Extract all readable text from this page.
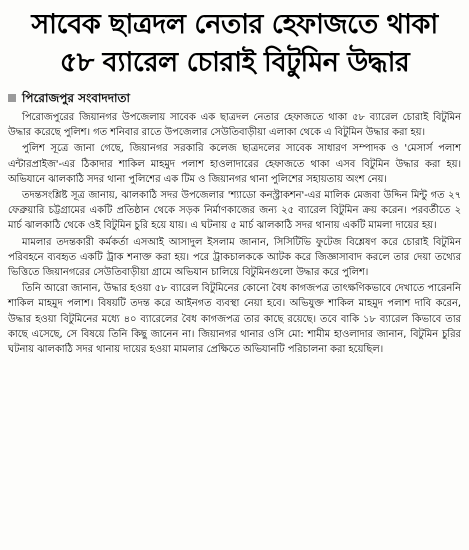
সাবেক ছাত্রদল নেতার হেফাজতে থাকা
৫৮ ব্যারেল চোরাই বিটুমিন উদ্ধার
পিরোজপুর সংবাদদাতা

পিরোজপুরের জিয়ানগর উপজেলায় সাবেক এক ছাত্রদল নেতার হেফাজতে থাকা ৫৮ ব্যারেল চোরাই বিটুমিন উদ্ধার করেছে পুলিশ। গত শনিবার রাতে উপজেলার সেউতিবাড়ীয়া এলাকা থেকে এ বিটুমিন উদ্ধার করা হয়।

পুলিশ সূত্রে জানা গেছে, জিয়ানগর সরকারি কলেজ ছাত্রদলের সাবেক সাধারণ সম্পাদক ও 'মেসার্স পলাশ এন্টারপ্রাইজ'-এর ঠিকাদার শাকিল মাহমুদ পলাশ হাওলাদারের হেফাজতে থাকা এসব বিটুমিন উদ্ধার করা হয়। অভিযানে ঝালকাঠি সদর থানা পুলিশের এক টিম ও জিয়ানগর থানা পুলিশের সহায়তায় অংশ নেয়।

তদন্তসংশ্লিষ্ট সূত্র জানায়, ঝালকাঠি সদর উপজেলার 'শ্যাডো কনস্ট্রাকশন'-এর মালিক মেজবা উদ্দিন মিন্টু গত ২৭ ফেব্রুয়ারি চট্টগ্রামের একটি প্রতিষ্ঠান থেকে সড়ক নির্মাণকাজের জন্য ২৫ ব্যারেল বিটুমিন ক্রয় করেন। পরবর্তীতে ২ মার্চ ঝালকাঠি থেকে ওই বিটুমিন চুরি হয়ে যায়। এ ঘটনায় ৫ মার্চ ঝালকাঠি সদর থানায় একটি মামলা দায়ের হয়।

মামলার তদন্তকারী কর্মকর্তা এসআই আসাদুল ইসলাম জানান, সিসিটিভি ফুটেজ বিশ্লেষণ করে চোরাই বিটুমিন পরিবহনে ব্যবহৃত একটি ট্রাক শনাক্ত করা হয়। পরে ট্রাকচালককে আটক করে জিজ্ঞাসাবাদ করলে তার দেয়া তথ্যের ভিত্তিতে জিয়ানগরের সেউতিবাড়ীয়া গ্রামে অভিযান চালিয়ে বিটুমিনগুলো উদ্ধার করে পুলিশ।

তিনি আরো জানান, উদ্ধার হওয়া ৫৮ ব্যারেল বিটুমিনের কোনো বৈধ কাগজপত্র তাৎক্ষণিকভাবে দেখাতে পারেননি শাকিল মাহমুদ পলাশ। বিষয়টি তদন্ত করে আইনগত ব্যবস্থা নেয়া হবে। অভিযুক্ত শাকিল মাহমুদ পলাশ দাবি করেন, উদ্ধার হওয়া বিটুমিনের মধ্যে ৪০ ব্যারেলের বৈধ কাগজপত্র তার কাছে রয়েছে। তবে বাকি ১৮ ব্যারেল কিভাবে তার কাছে এসেছে, সে বিষয়ে তিনি কিছু জানেন না। জিয়ানগর থানার ওসি মো: শামীম হাওলাদার জানান, বিটুমিন চুরির ঘটনায় ঝালকাঠি সদর থানায় দায়ের হওয়া মামলার প্রেক্ষিতে অভিযানটি পরিচালনা করা হয়েছিল।
